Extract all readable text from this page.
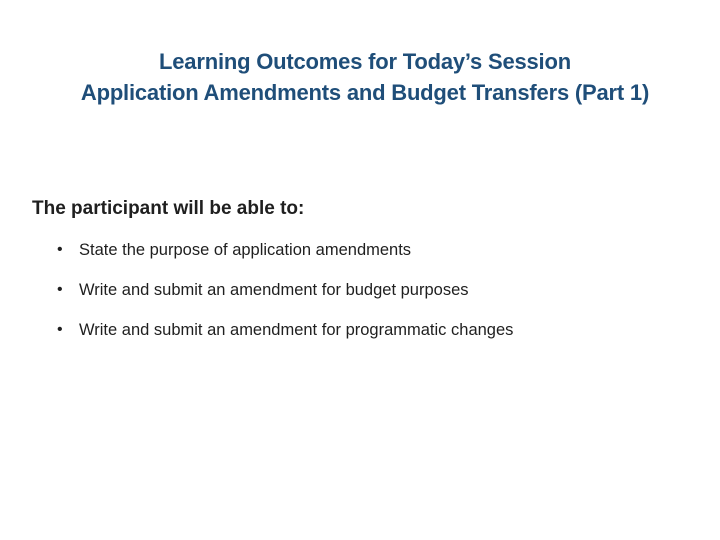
Learning Outcomes for Today’s Session
Application Amendments and Budget Transfers (Part 1)
The participant will be able to:
• State the purpose of application amendments
• Write and submit an amendment for budget purposes
• Write and submit an amendment for programmatic changes
